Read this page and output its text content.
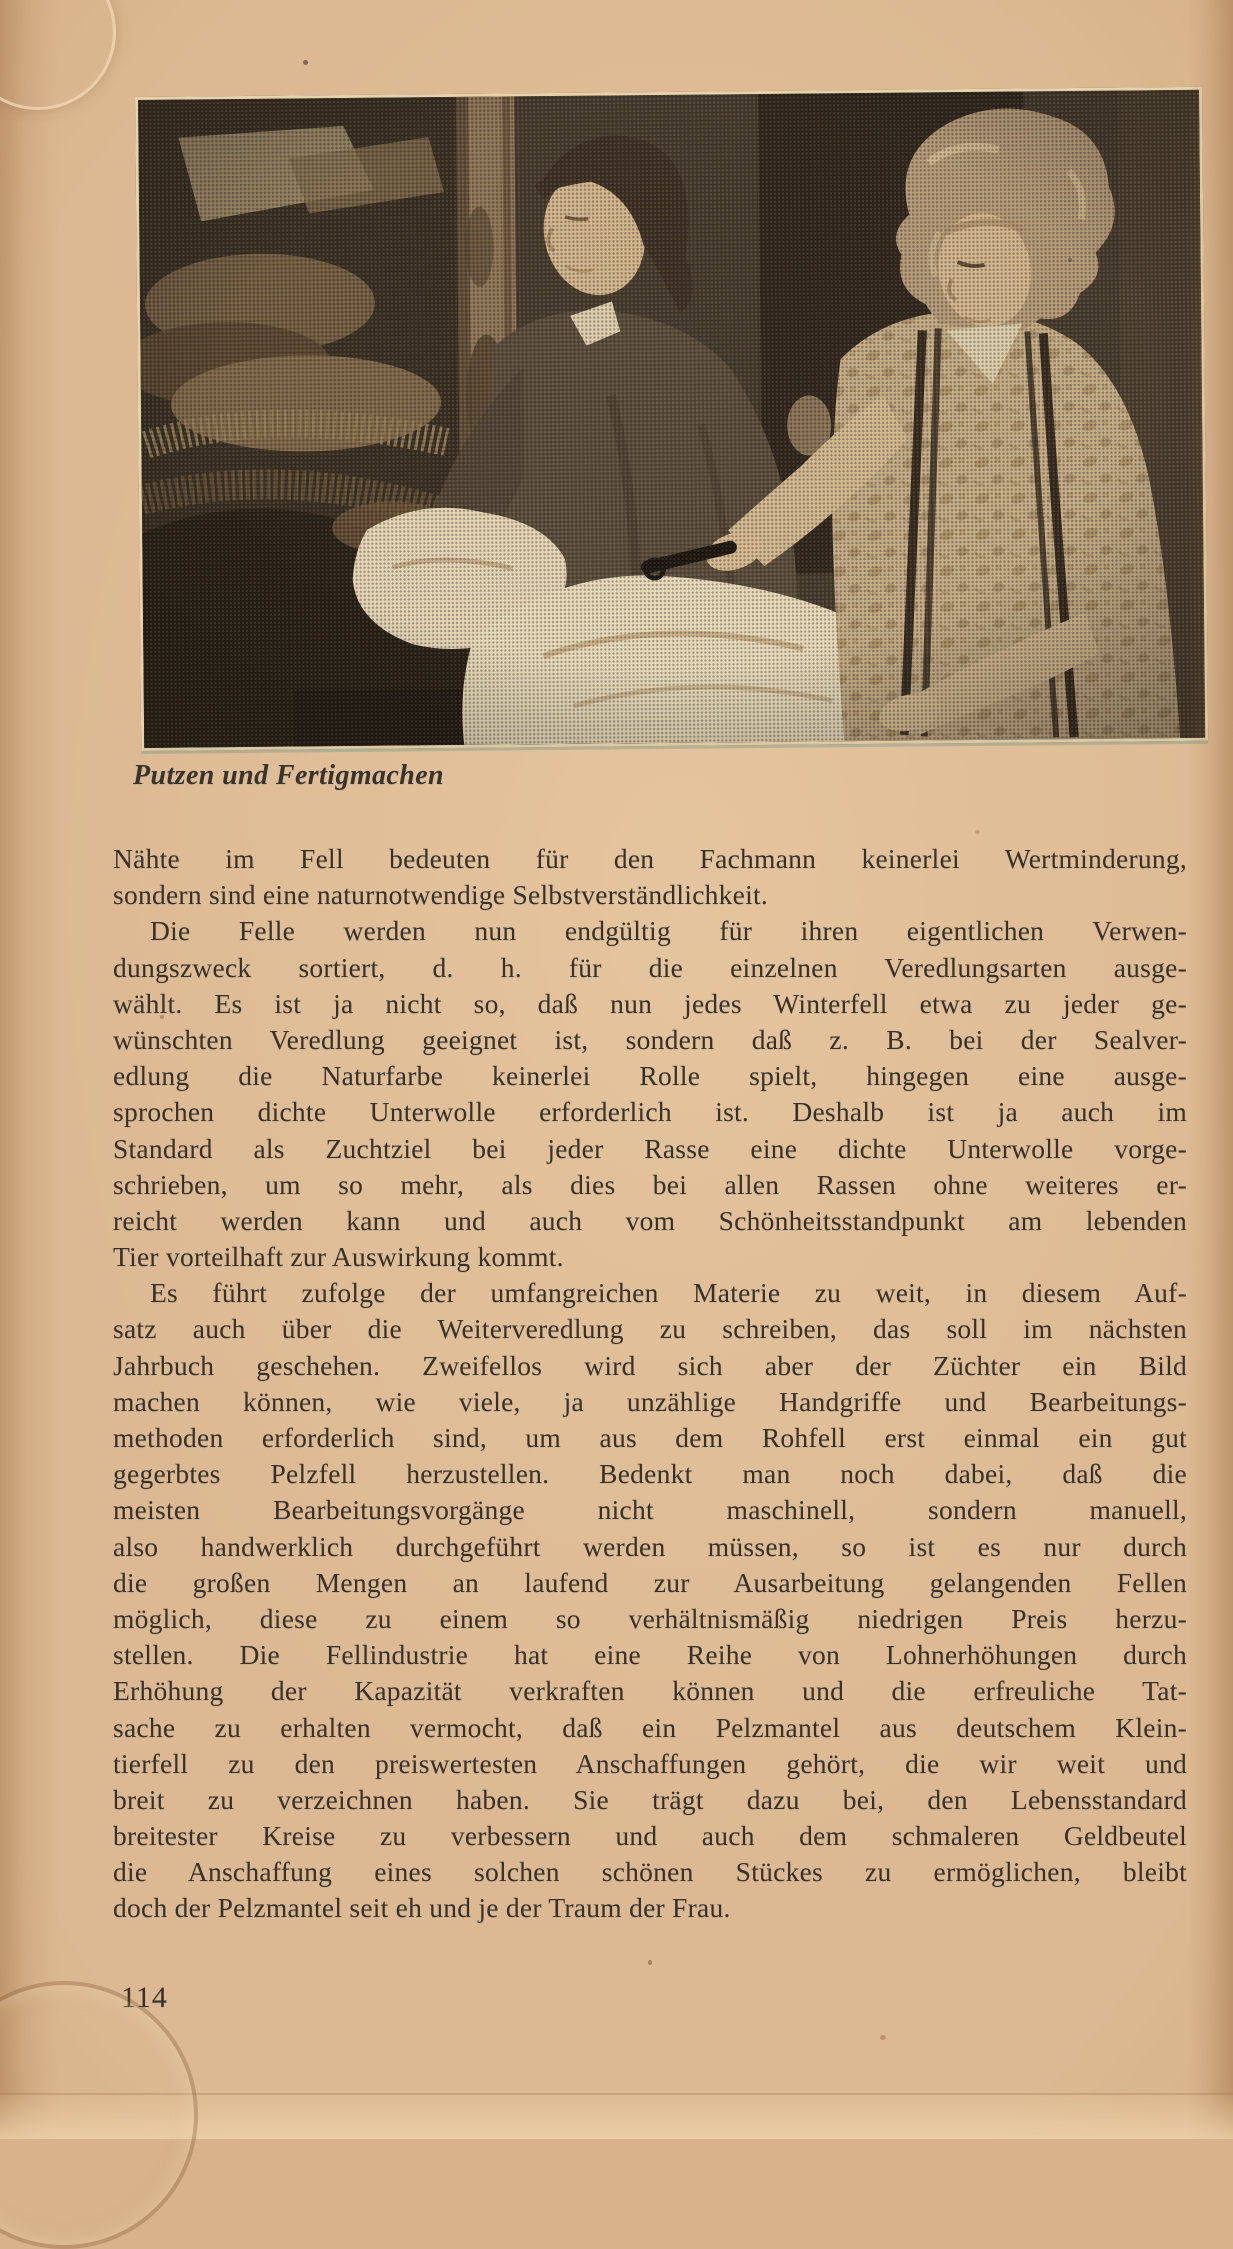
Putzen und Fertigmachen
Nähte im Fell bedeuten für den Fachmann keinerlei Wertminderung,
sondern sind eine naturnotwendige Selbstverständlichkeit.
Die Felle werden nun endgültig für ihren eigentlichen Verwen-
dungszweck sortiert, d. h. für die einzelnen Veredlungsarten ausge-
wählt. Es ist ja nicht so, daß nun jedes Winterfell etwa zu jeder ge-
wünschten Veredlung geeignet ist, sondern daß z. B. bei der Sealver-
edlung die Naturfarbe keinerlei Rolle spielt, hingegen eine ausge-
sprochen dichte Unterwolle erforderlich ist. Deshalb ist ja auch im
Standard als Zuchtziel bei jeder Rasse eine dichte Unterwolle vorge-
schrieben, um so mehr, als dies bei allen Rassen ohne weiteres er-
reicht werden kann und auch vom Schönheitsstandpunkt am lebenden
Tier vorteilhaft zur Auswirkung kommt.
Es führt zufolge der umfangreichen Materie zu weit, in diesem Auf-
satz auch über die Weiterveredlung zu schreiben, das soll im nächsten
Jahrbuch geschehen. Zweifellos wird sich aber der Züchter ein Bild
machen können, wie viele, ja unzählige Handgriffe und Bearbeitungs-
methoden erforderlich sind, um aus dem Rohfell erst einmal ein gut
gegerbtes Pelzfell herzustellen. Bedenkt man noch dabei, daß die
meisten Bearbeitungsvorgänge nicht maschinell, sondern manuell,
also handwerklich durchgeführt werden müssen, so ist es nur durch
die großen Mengen an laufend zur Ausarbeitung gelangenden Fellen
möglich, diese zu einem so verhältnismäßig niedrigen Preis herzu-
stellen. Die Fellindustrie hat eine Reihe von Lohnerhöhungen durch
Erhöhung der Kapazität verkraften können und die erfreuliche Tat-
sache zu erhalten vermocht, daß ein Pelzmantel aus deutschem Klein-
tierfell zu den preiswertesten Anschaffungen gehört, die wir weit und
breit zu verzeichnen haben. Sie trägt dazu bei, den Lebensstandard
breitester Kreise zu verbessern und auch dem schmaleren Geldbeutel
die Anschaffung eines solchen schönen Stückes zu ermöglichen, bleibt
doch der Pelzmantel seit eh und je der Traum der Frau.
114
